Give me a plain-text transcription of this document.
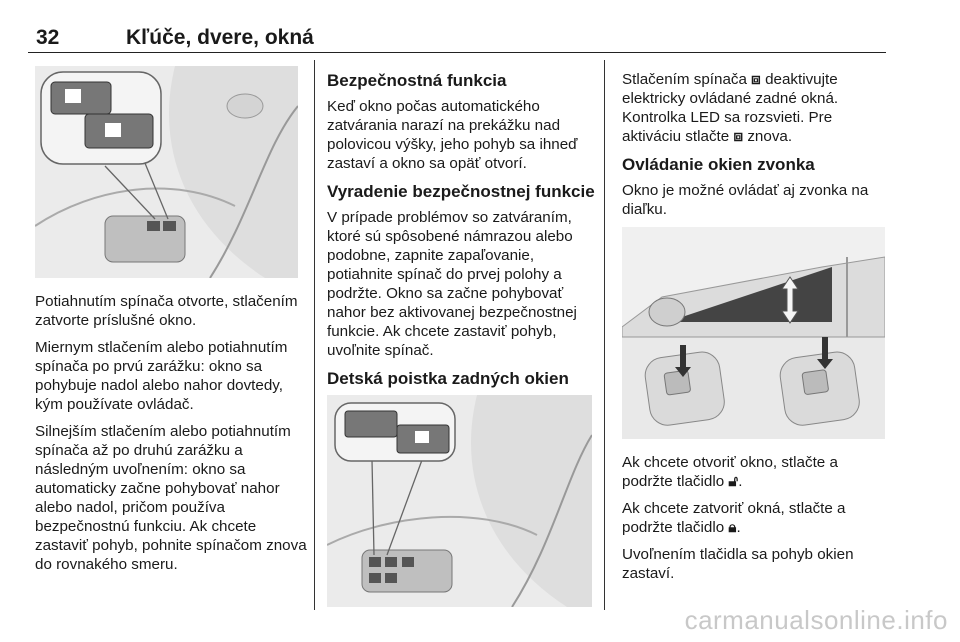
32	Kľúče, dvere, okná

Potiahnutím spínača otvorte, stlačením zatvorte príslušné okno.

Miernym stlačením alebo potiahnutím spínača po prvú zarážku: okno sa pohybuje nadol alebo nahor dovtedy, kým používate ovládač.

Silnejším stlačením alebo potiahnutím spínača až po druhú zarážku a následným uvoľnením: okno sa automaticky začne pohybovať nahor alebo nadol, pričom používa bezpečnostnú funkciu. Ak chcete zastaviť pohyb, pohnite spínačom znova do rovnakého smeru.

Bezpečnostná funkcia

Keď okno počas automatického zatvárania narazí na prekážku nad polovicou výšky, jeho pohyb sa ihneď zastaví a okno sa opäť otvorí.

Vyradenie bezpečnostnej funkcie

V prípade problémov so zatváraním, ktoré sú spôsobené námrazou alebo podobne, zapnite zapaľovanie, potiahnite spínač do prvej polohy a podržte. Okno sa začne pohybovať nahor bez aktivovanej bezpečnostnej funkcie. Ak chcete zastaviť pohyb, uvoľnite spínač.

Detská poistka zadných okien

Stlačením spínača ⧈ deaktivujte elektricky ovládané zadné okná. Kontrolka LED sa rozsvieti. Pre aktiváciu stlačte ⧈ znova.

Ovládanie okien zvonka

Okno je možné ovládať aj zvonka na diaľku.

Ak chcete otvoriť okno, stlačte a podržte tlačidlo 🔓︎.

Ak chcete zatvoriť okná, stlačte a podržte tlačidlo 🔒︎.

Uvoľnením tlačidla sa pohyb okien zastaví.

carmanualsonline.info
